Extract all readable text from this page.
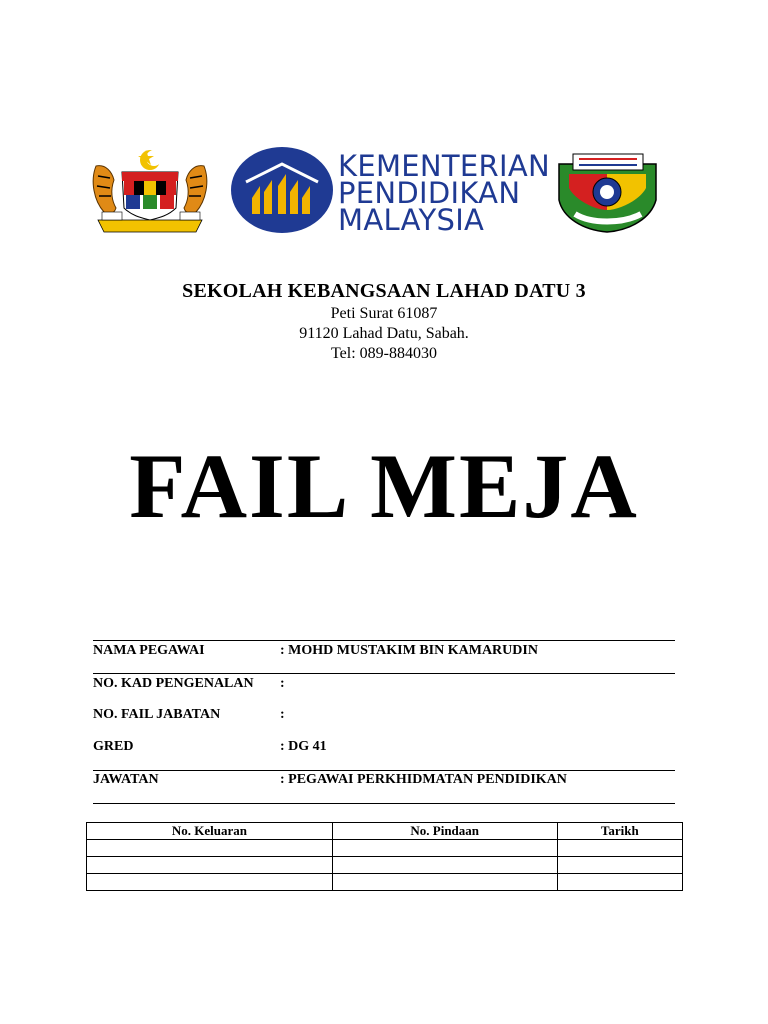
KEMENTERIAN
PENDIDIKAN
MALAYSIA
SEKOLAH KEBANGSAAN LAHAD DATU 3
Peti Surat 61087
91120 Lahad Datu, Sabah.
Tel: 089-884030
FAIL MEJA
NAMA PEGAWAI	: MOHD MUSTAKIM BIN KAMARUDIN
NO. KAD PENGENALAN :
NO. FAIL JABATAN	:
GRED	: DG 41
JAWATAN	: PEGAWAI PERKHIDMATAN PENDIDIKAN
No. Keluaran	No. Pindaan	Tarikh
